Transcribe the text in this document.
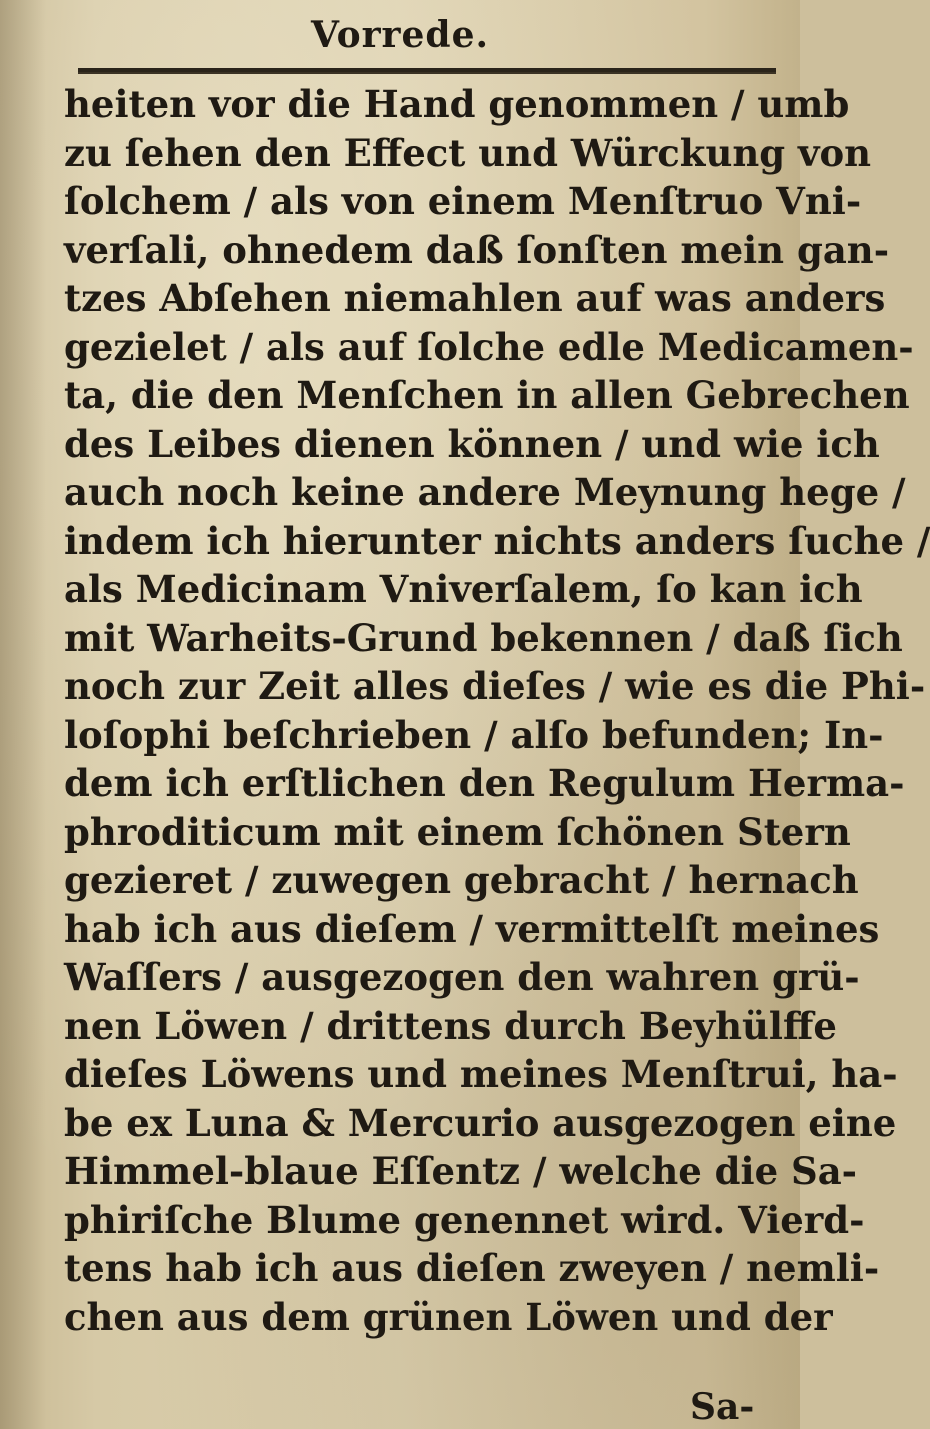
Vorrede.
heiten vor die Hand genommen / umb
zu ſehen den Effect und Würckung von
ſolchem / als von einem Menſtruo Vni-
verſali, ohnedem daß ſonſten mein gan-
tzes Abſehen niemahlen auf was anders
gezielet / als auf ſolche edle Medicamen-
ta, die den Menſchen in allen Gebrechen
des Leibes dienen können / und wie ich
auch noch keine andere Meynung hege /
indem ich hierunter nichts anders ſuche /
als Medicinam Vniverſalem, ſo kan ich
mit Warheits-Grund bekennen / daß ſich
noch zur Zeit alles dieſes / wie es die Phi-
loſophi beſchrieben / alſo befunden; In-
dem ich erſtlichen den Regulum Herma-
phroditicum mit einem ſchönen Stern
gezieret / zuwegen gebracht / hernach
hab ich aus dieſem / vermittelſt meines
Waſſers / ausgezogen den wahren grü-
nen Löwen / drittens durch Beyhülffe
dieſes Löwens und meines Menſtrui, ha-
be ex Luna & Mercurio ausgezogen eine
Himmel-blaue Eſſentz / welche die Sa-
phiriſche Blume genennet wird. Vierd-
tens hab ich aus dieſen zweyen / nemli-
chen aus dem grünen Löwen und der
Sa-
